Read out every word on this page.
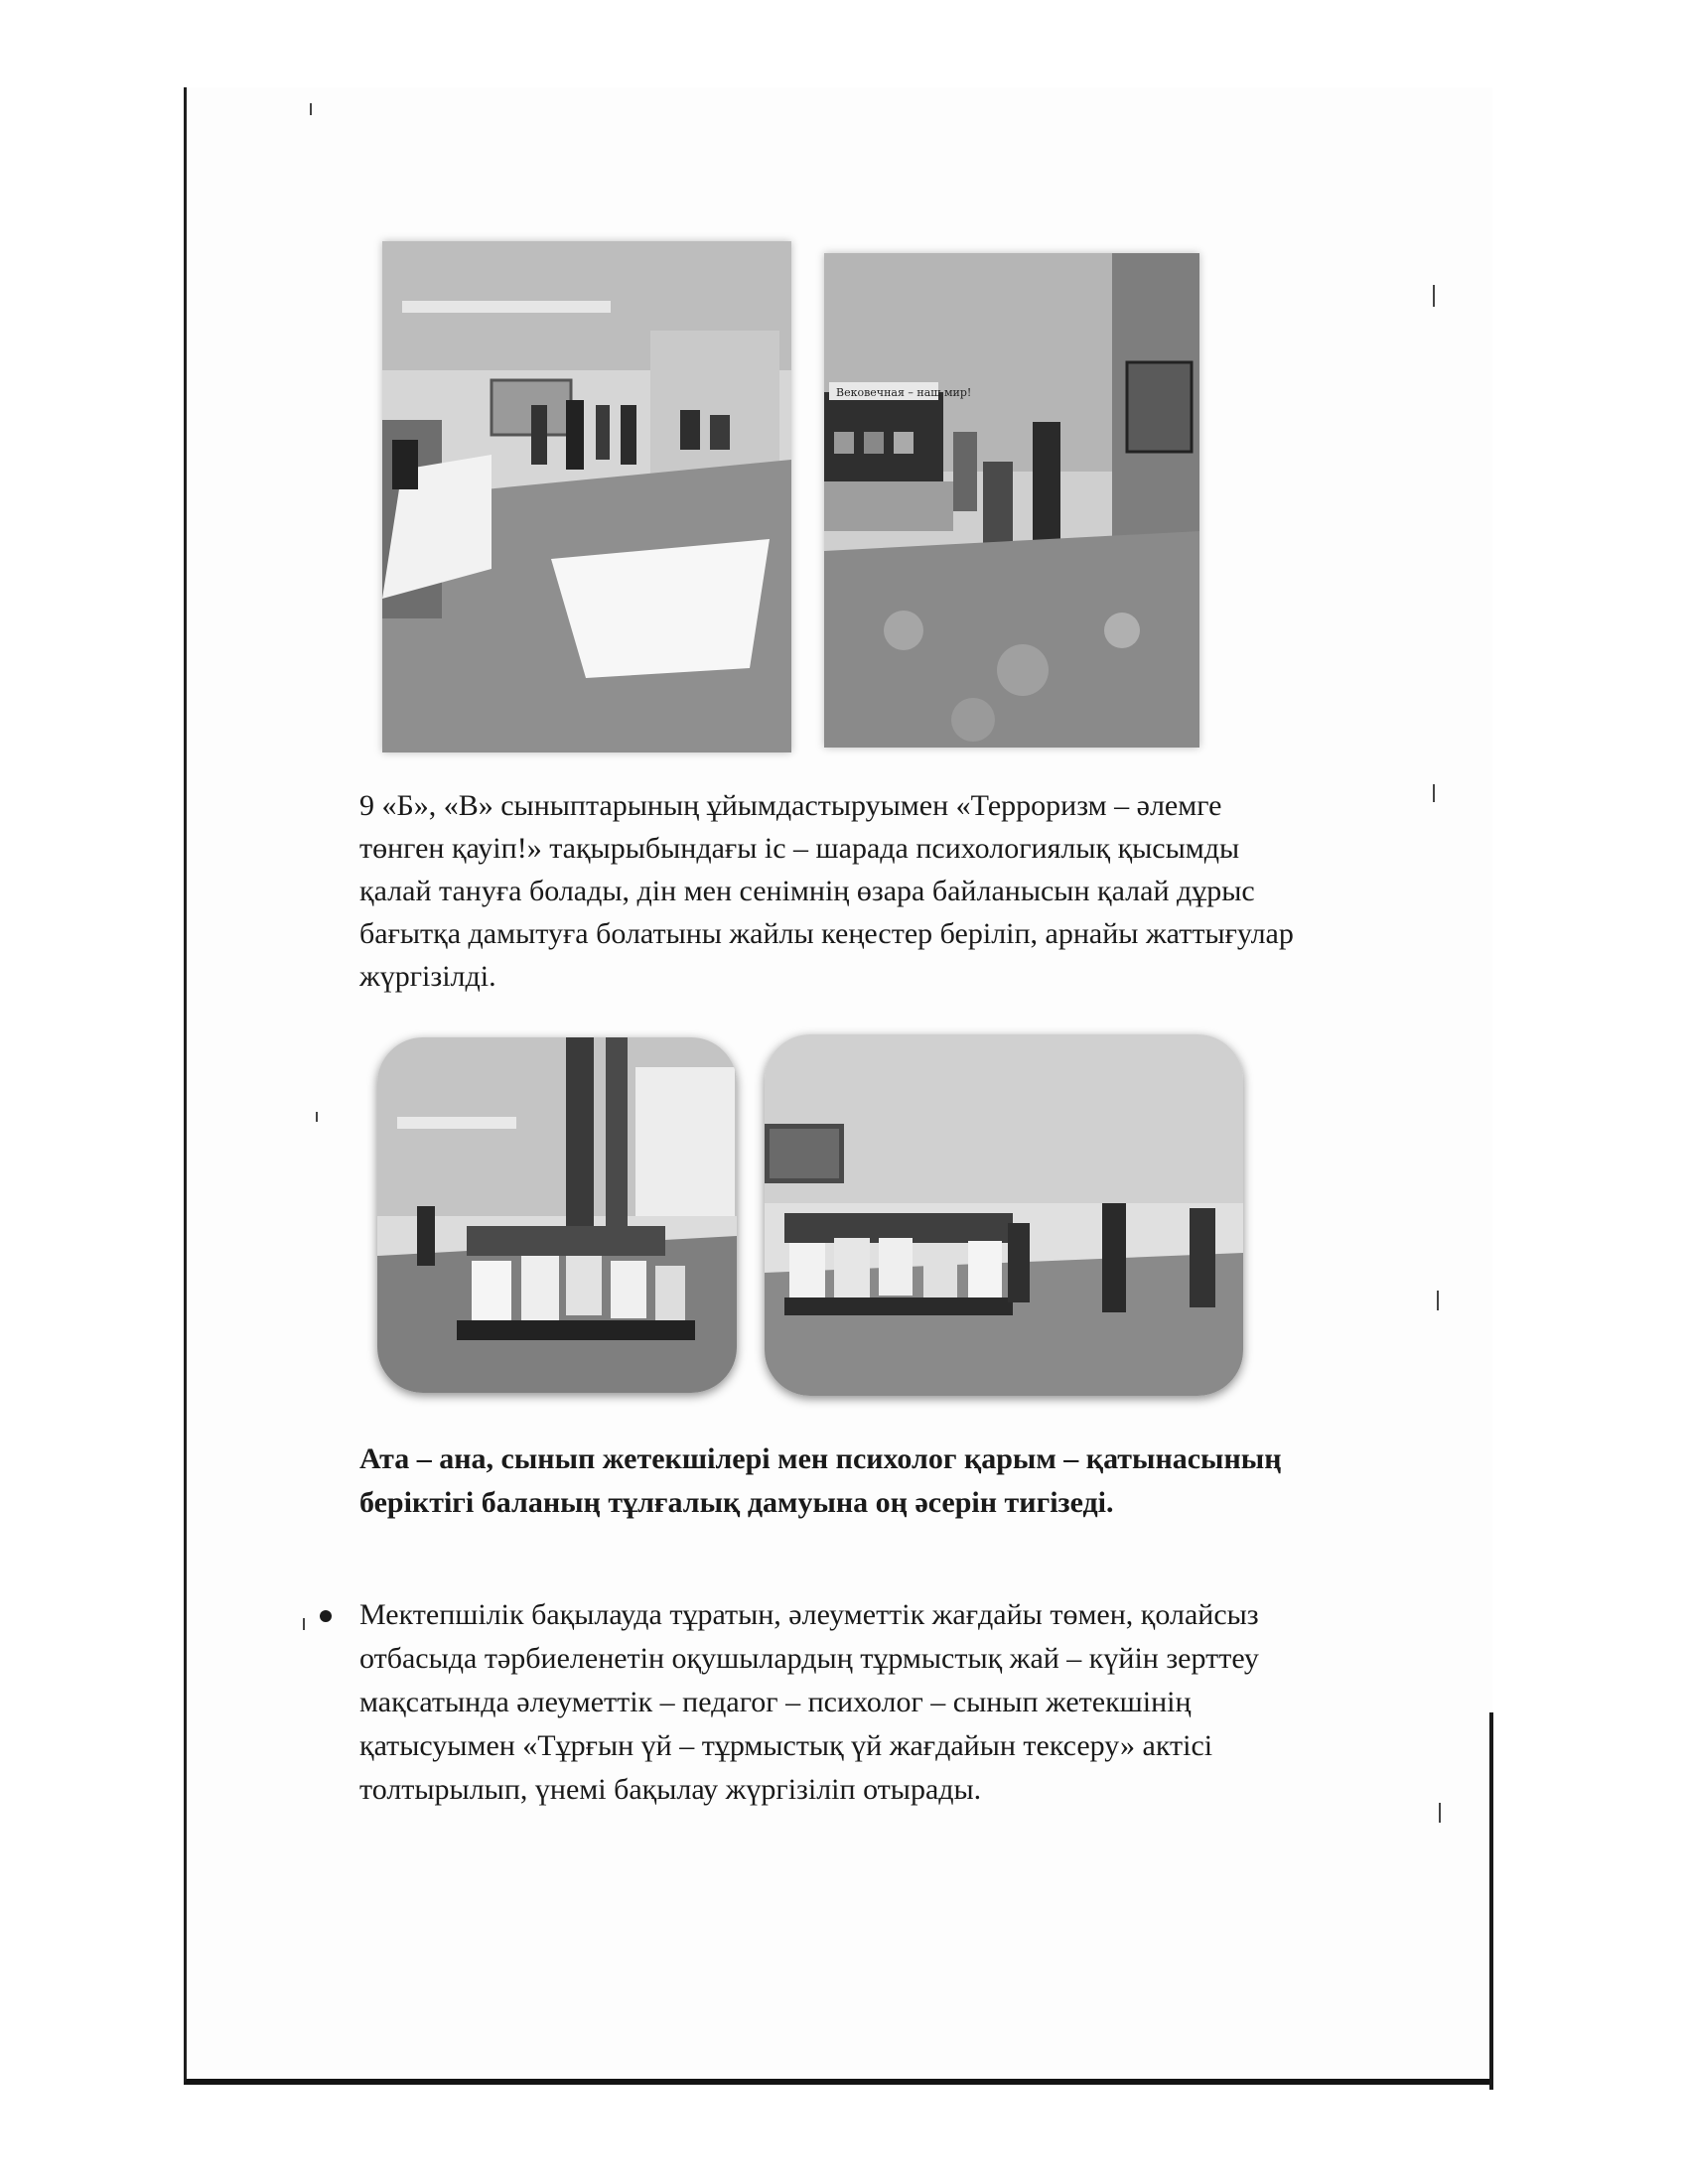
Вековечная – наш мир!

9 «Б», «В» сыныптарының ұйымдастыруымен «Терроризм – әлемге төнген қауіп!» тақырыбындағы іс – шарада психологиялық қысымды қалай тануға болады, дін мен сенімнің өзара байланысын қалай дұрыс бағытқа дамытуға болатыны жайлы кеңестер беріліп, арнайы жаттығулар жүргізілді.

Ата – ана, сынып жетекшілері мен психолог қарым – қатынасының беріктігі баланың тұлғалық дамуына оң әсерін тигізеді.

Мектепшілік бақылауда тұратын, әлеуметтік жағдайы төмен, қолайсыз отбасыда тәрбиеленетін оқушылардың тұрмыстық жай – күйін зерттеу мақсатында әлеуметтік – педагог – психолог – сынып жетекшінің қатысуымен «Тұрғын үй – тұрмыстық үй жағдайын тексеру» актісі толтырылып, үнемі бақылау жүргізіліп отырады.
